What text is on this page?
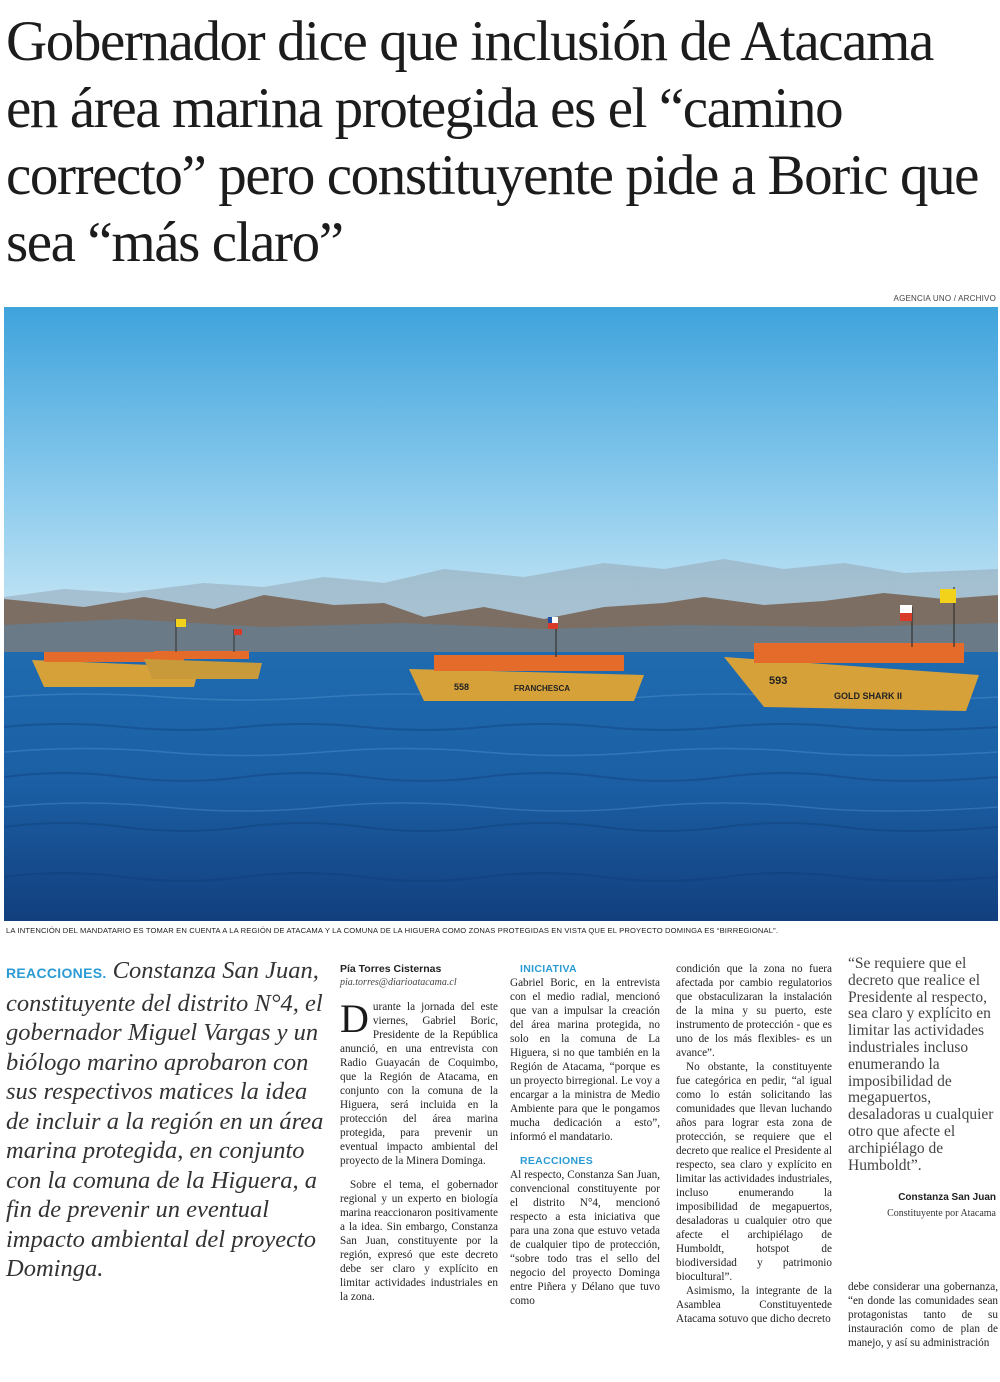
Gobernador dice que inclusión de Atacama en área marina protegida es el “camino correcto” pero constituyente pide a Boric que sea “más claro”
AGENCIA UNO / ARCHIVO
558	FRANCHESCA
593
GOLD SHARK II
LA INTENCIÓN DEL MANDATARIO ES TOMAR EN CUENTA A LA REGIÓN DE ATACAMA Y LA COMUNA DE LA HIGUERA COMO ZONAS PROTEGIDAS EN VISTA QUE EL PROYECTO DOMINGA ES “BIRREGIONAL”.
REACCIONES. Constanza San Juan, constituyente del distrito N°4, el gobernador Miguel Vargas y un biólogo marino aprobaron con sus respectivos matices la idea de incluir a la región en un área marina protegida, en conjunto con la comuna de la Higuera, a fin de prevenir un eventual impacto ambiental del proyecto Dominga.
Pía Torres Cisternas
pia.torres@diarioatacama.cl

Durante la jornada del este viernes, Gabriel Boric, Presidente de la República anunció, en una entrevista con Radio Guayacán de Coquimbo, que la Región de Atacama, en conjunto con la comuna de la Higuera, será incluida en la protección del área marina protegida, para prevenir un eventual impacto ambiental del proyecto de la Minera Dominga.

Sobre el tema, el gobernador regional y un experto en biología marina reaccionaron positivamente a la idea. Sin embargo, Constanza San Juan, constituyente por la región, expresó que este decreto debe ser claro y explícito en limitar actividades industriales en la zona.

INICIATIVA

Gabriel Boric, en la entrevista con el medio radial, mencionó que van a impulsar la creación del área marina protegida, no solo en la comuna de La Higuera, si no que también en la Región de Atacama, “porque es un proyecto birregional. Le voy a encargar a la ministra de Medio Ambiente para que le pongamos mucha dedicación a esto”, informó el mandatario.

REACCIONES

Al respecto, Constanza San Juan, convencional constituyente por el distrito N°4, mencionó respecto a esta iniciativa que para una zona que estuvo vetada de cualquier tipo de protección, “sobre todo tras el sello del negocio del proyecto Dominga entre Piñera y Délano que tuvo como

condición que la zona no fuera afectada por cambio regulatorios que obstaculizaran la instalación de la mina y su puerto, este instrumento de protección - que es uno de los más flexibles- es un avance”.

No obstante, la constituyente fue categórica en pedir, “al igual como lo están solicitando las comunidades que llevan luchando años para lograr esta zona de protección, se requiere que el decreto que realice el Presidente al respecto, sea claro y explícito en limitar las actividades industriales, incluso enumerando la imposibilidad de megapuertos, desaladoras u cualquier otro que afecte el archipiélago de Humboldt, hotspot de biodiversidad y patrimonio biocultural”.

Asimismo, la integrante de la Asamblea Constituyentede Atacama sotuvo que dicho decreto

“Se requiere que el decreto que realice el Presidente al respecto, sea claro y explícito en limitar las actividades industriales incluso enumerando la imposibilidad de megapuertos, desaladoras u cualquier otro que afecte el archipiélago de Humboldt”.
Constanza San Juan
Constituyente por Atacama

debe considerar una gobernanza, “en donde las comunidades sean protagonistas tanto de su instauración como de plan de manejo, y así su administración
